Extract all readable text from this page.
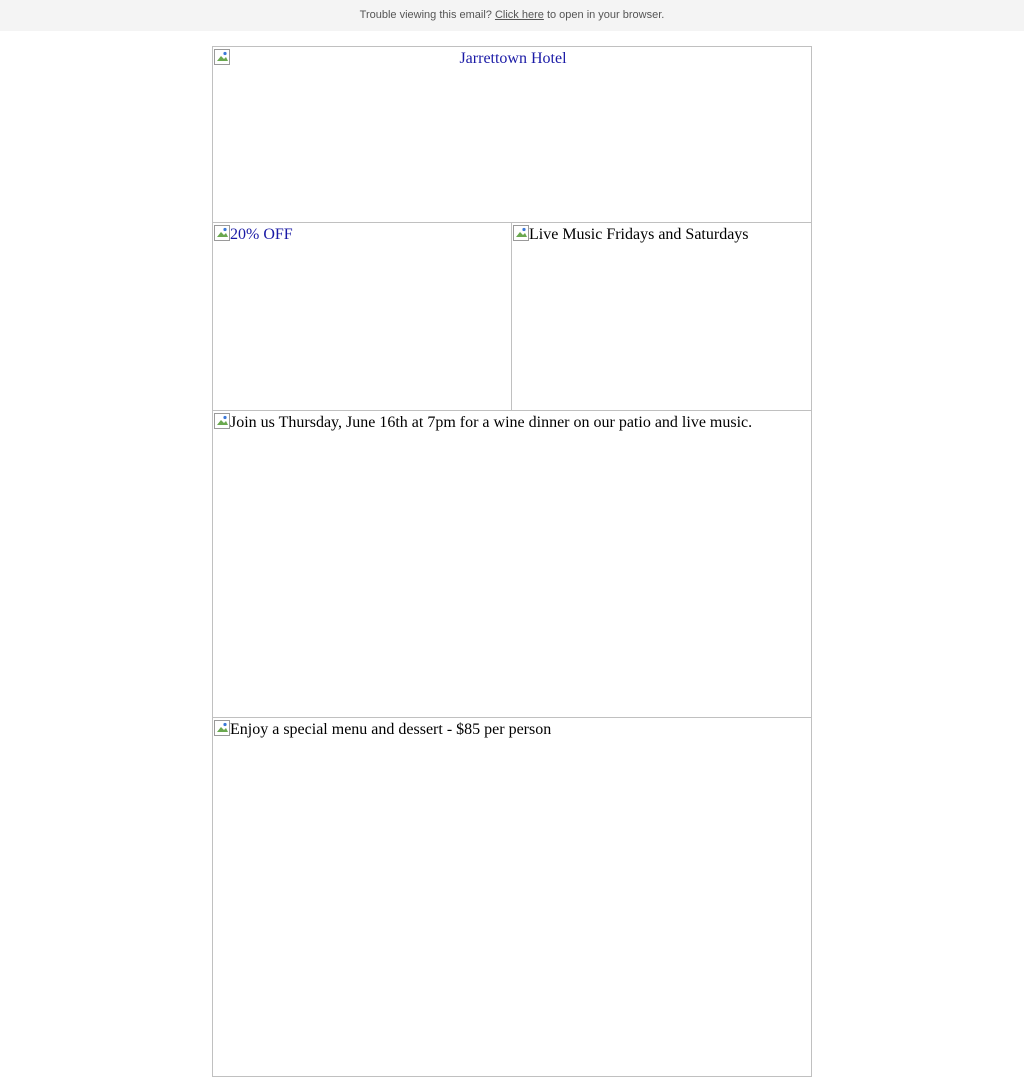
Trouble viewing this email? Click here to open in your browser.
Jarrettown Hotel
20% OFF	Live Music Fridays and Saturdays
Join us Thursday, June 16th at 7pm for a wine dinner on our patio and live music.
Enjoy a special menu and dessert - $85 per person
